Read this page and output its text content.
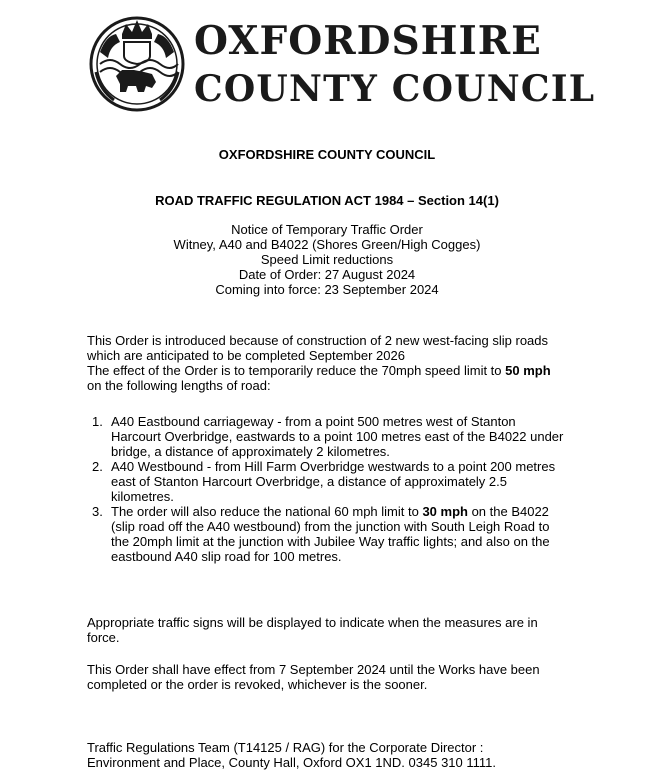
OXFORDSHIRE
COUNTY COUNCIL
OXFORDSHIRE COUNTY COUNCIL
ROAD TRAFFIC REGULATION ACT 1984 – Section 14(1)
Notice of Temporary Traffic Order
Witney, A40 and B4022 (Shores Green/High Cogges)
Speed Limit reductions
Date of Order: 27 August 2024
Coming into force: 23 September 2024
This Order is introduced because of construction of 2 new west-facing slip roads which are anticipated to be completed September 2026
The effect of the Order is to temporarily reduce the 70mph speed limit to 50 mph on the following lengths of road:
1. A40 Eastbound carriageway - from a point 500 metres west of Stanton Harcourt Overbridge, eastwards to a point 100 metres east of the B4022 under bridge, a distance of approximately 2 kilometres.
2. A40 Westbound - from Hill Farm Overbridge westwards to a point 200 metres east of Stanton Harcourt Overbridge, a distance of approximately 2.5 kilometres.
3. The order will also reduce the national 60 mph limit to 30 mph on the B4022 (slip road off the A40 westbound) from the junction with South Leigh Road to the 20mph limit at the junction with Jubilee Way traffic lights; and also on the eastbound A40 slip road for 100 metres.
Appropriate traffic signs will be displayed to indicate when the measures are in force.
This Order shall have effect from 7 September 2024 until the Works have been completed or the order is revoked, whichever is the sooner.
Traffic Regulations Team (T14125 / RAG) for the Corporate Director :
Environment and Place, County Hall, Oxford OX1 1ND. 0345 310 1111.
